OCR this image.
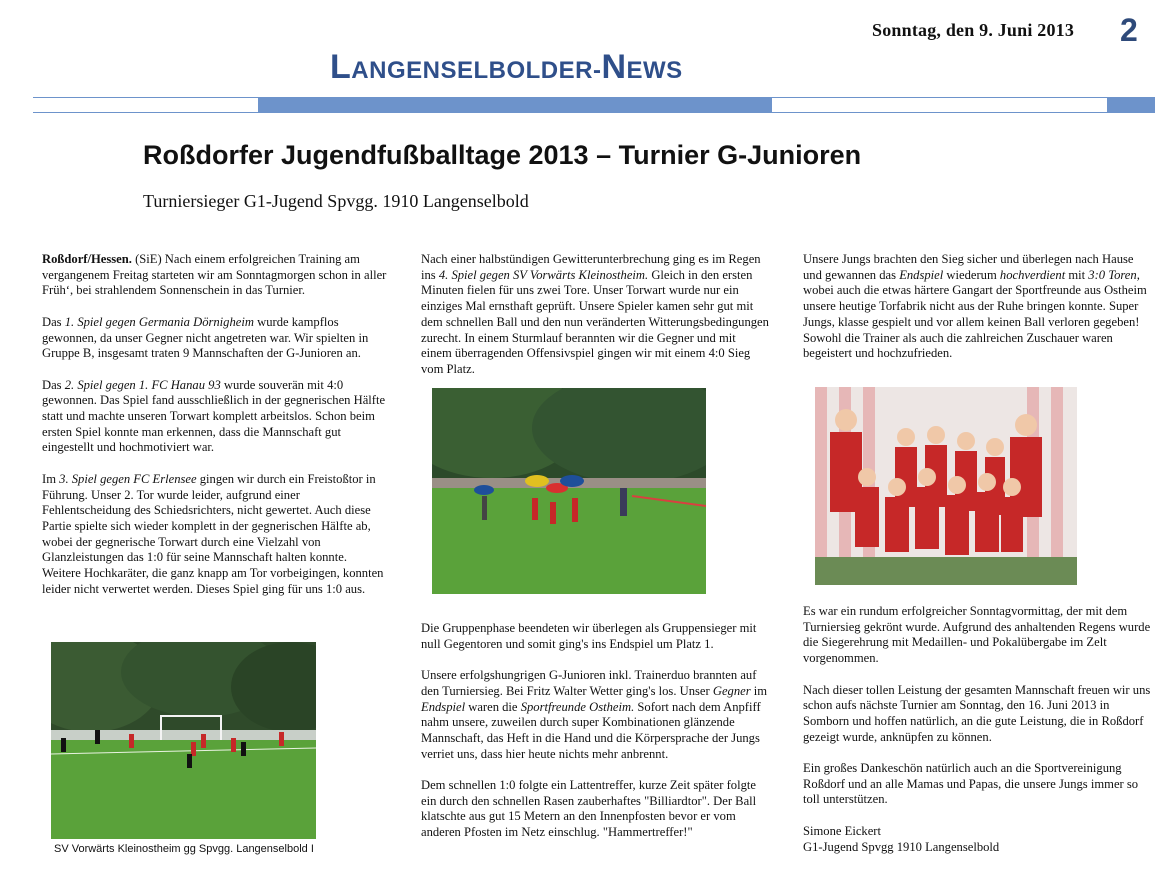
Sonntag, den 9. Juni 2013 2
LANGENSELBOLDER-NEWS
Roßdorfer Jugendfußballtage 2013 – Turnier G-Junioren
Turniersieger G1-Jugend Spvgg. 1910 Langenselbold

Roßdorf/Hessen. (SiE) Nach einem erfolgreichen Training am vergangenem Freitag starteten wir am Sonntagmorgen schon in aller Früh‘, bei strahlendem Sonnenschein in das Turnier.

Das 1. Spiel gegen Germania Dörnigheim wurde kampflos gewonnen, da unser Gegner nicht angetreten war. Wir spielten in Gruppe B, insgesamt traten 9 Mannschaften der G-Junioren an.

Das 2. Spiel gegen 1. FC Hanau 93 wurde souverän mit 4:0 gewonnen. Das Spiel fand ausschließlich in der gegnerischen Hälfte statt und machte unseren Torwart komplett arbeitslos. Schon beim ersten Spiel konnte man erkennen, dass die Mannschaft gut eingestellt und hochmotiviert war.

Im 3. Spiel gegen FC Erlensee gingen wir durch ein Freistoßtor in Führung. Unser 2. Tor wurde leider, aufgrund einer Fehlentscheidung des Schiedsrichters, nicht gewertet. Auch diese Partie spielte sich wieder komplett in der gegnerischen Hälfte ab, wobei der gegnerische Torwart durch eine Vielzahl von Glanzleistungen das 1:0 für seine Mannschaft halten konnte. Weitere Hochkaräter, die ganz knapp am Tor vorbeigingen, konnten leider nicht verwertet werden. Dieses Spiel ging für uns 1:0 aus.

SV Vorwärts Kleinostheim gg Spvgg. Langenselbold I

Nach einer halbstündigen Gewitterunterbrechung ging es im Regen ins 4. Spiel gegen SV Vorwärts Kleinostheim. Gleich in den ersten Minuten fielen für uns zwei Tore. Unser Torwart wurde nur ein einziges Mal ernsthaft geprüft. Unsere Spieler kamen sehr gut mit dem schnellen Ball und den nun veränderten Witterungsbedingungen zurecht. In einem Sturmlauf berannten wir die Gegner und mit einem überragenden Offensivspiel gingen wir mit einem 4:0 Sieg vom Platz.

Die Gruppenphase beendeten wir überlegen als Gruppensieger mit null Gegentoren und somit ging's ins Endspiel um Platz 1.

Unsere erfolgshungrigen G-Junioren inkl. Trainerduo brannten auf den Turniersieg. Bei Fritz Walter Wetter ging's los. Unser Gegner im Endspiel waren die Sportfreunde Ostheim. Sofort nach dem Anpfiff nahm unsere, zuweilen durch super Kombinationen glänzende Mannschaft, das Heft in die Hand und die Körpersprache der Jungs verriet uns, dass hier heute nichts mehr anbrennt.

Dem schnellen 1:0 folgte ein Lattentreffer, kurze Zeit später folgte ein durch den schnellen Rasen zauberhaftes "Billiardtor". Der Ball klatschte aus gut 15 Metern an den Innenpfosten bevor er vom anderen Pfosten im Netz einschlug. "Hammertreffer!"

Unsere Jungs brachten den Sieg sicher und überlegen nach Hause und gewannen das Endspiel wiederum hochverdient mit 3:0 Toren, wobei auch die etwas härtere Gangart der Sportfreunde aus Ostheim unsere heutige Torfabrik nicht aus der Ruhe bringen konnte. Super Jungs, klasse gespielt und vor allem keinen Ball verloren gegeben! Sowohl die Trainer als auch die zahlreichen Zuschauer waren begeistert und hochzufrieden.

Es war ein rundum erfolgreicher Sonntagvormittag, der mit dem Turniersieg gekrönt wurde. Aufgrund des anhaltenden Regens wurde die Siegerehrung mit Medaillen- und Pokalübergabe im Zelt vorgenommen.

Nach dieser tollen Leistung der gesamten Mannschaft freuen wir uns schon aufs nächste Turnier am Sonntag, den 16. Juni 2013 in Somborn und hoffen natürlich, an die gute Leistung, die in Roßdorf gezeigt wurde, anknüpfen zu können.

Ein großes Dankeschön natürlich auch an die Sportvereinigung Roßdorf und an alle Mamas und Papas, die unsere Jungs immer so toll unterstützen.

Simone Eickert
G1-Jugend Spvgg 1910 Langenselbold
